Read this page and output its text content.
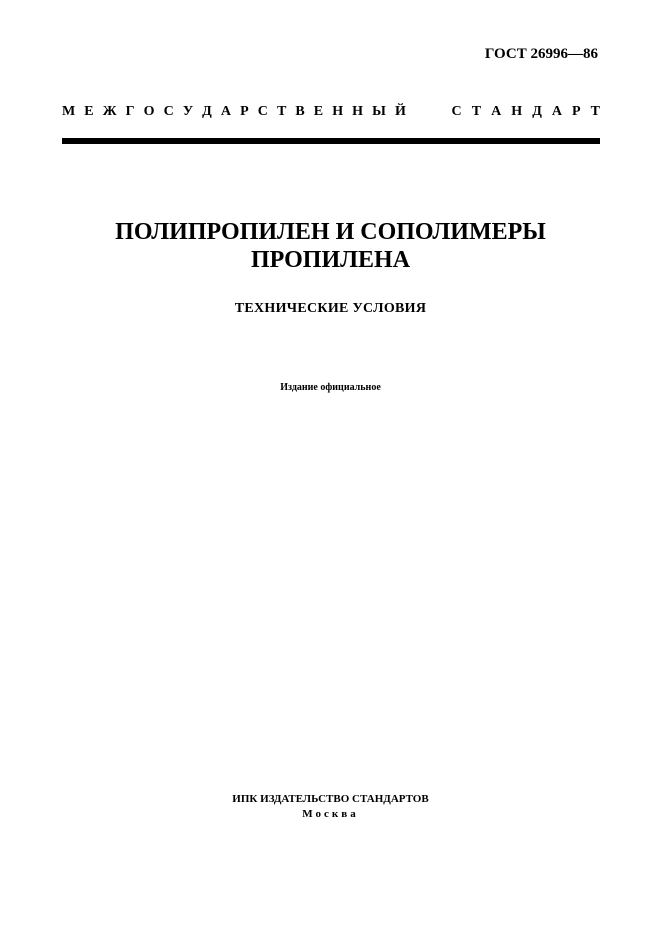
ГОСТ 26996—86
М Е Ж Г О С У Д А Р С Т В Е Н Н Ы Й	С Т А Н Д А Р Т
ПОЛИПРОПИЛЕН И СОПОЛИМЕРЫ
ПРОПИЛЕНА
ТЕХНИЧЕСКИЕ УСЛОВИЯ
Издание официальное
ИПК ИЗДАТЕЛЬСТВО СТАНДАРТОВ
Москва
